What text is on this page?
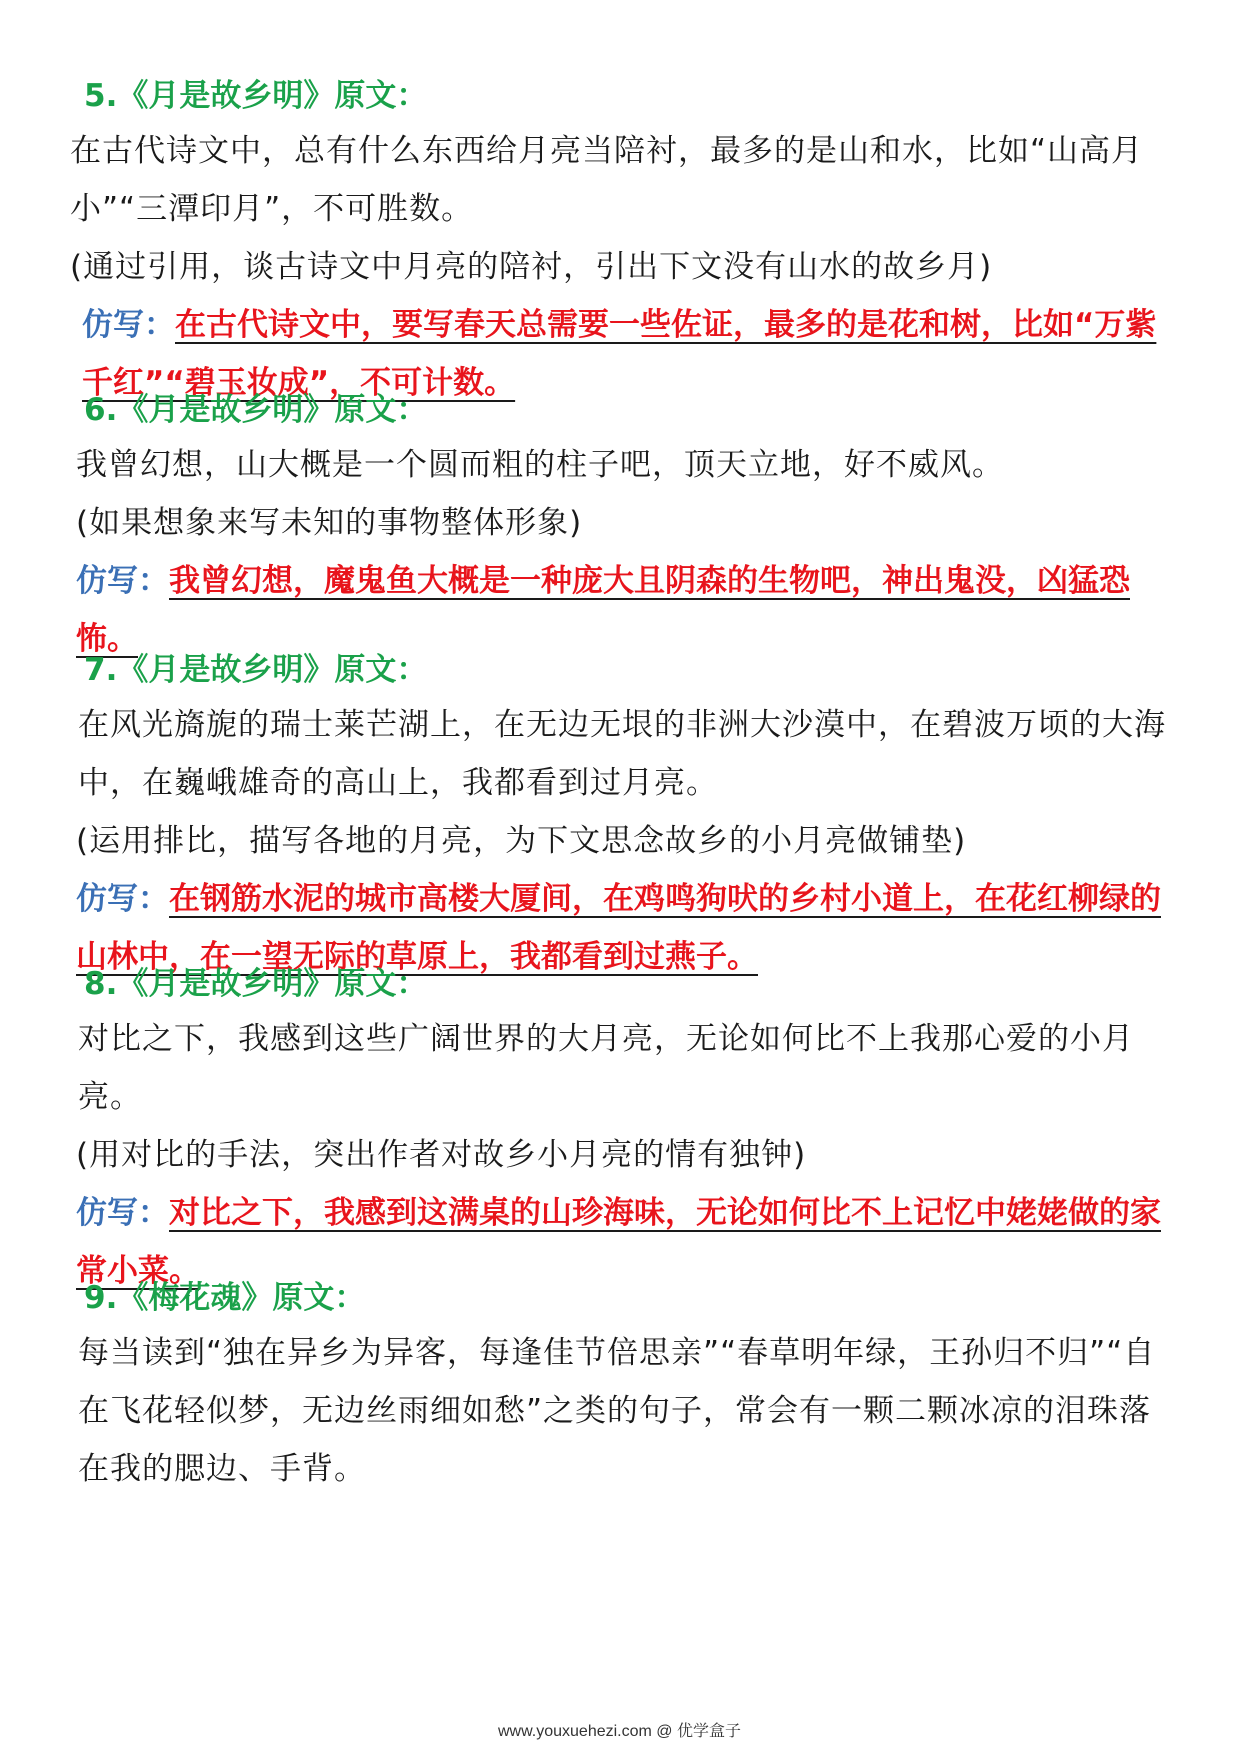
5.《月是故乡明》原文：
在古代诗文中，总有什么东西给月亮当陪衬，最多的是山和水，比如“山高月小”“三潭印月”，不可胜数。
(通过引用，谈古诗文中月亮的陪衬，引出下文没有山水的故乡月)
仿写：在古代诗文中，要写春天总需要一些佐证，最多的是花和树，比如“万紫千红”“碧玉妆成”，不可计数。
6.《月是故乡明》原文：
我曾幻想，山大概是一个圆而粗的柱子吧，顶天立地，好不威风。
(如果想象来写未知的事物整体形象)
仿写：我曾幻想，魔鬼鱼大概是一种庞大且阴森的生物吧，神出鬼没，凶猛恐怖。
7.《月是故乡明》原文：
在风光旖旎的瑞士莱芒湖上，在无边无垠的非洲大沙漠中，在碧波万顷的大海中，在巍峨雄奇的高山上，我都看到过月亮。
(运用排比，描写各地的月亮，为下文思念故乡的小月亮做铺垫)
仿写：在钢筋水泥的城市高楼大厦间，在鸡鸣狗吠的乡村小道上，在花红柳绿的山林中，在一望无际的草原上，我都看到过燕子。
8.《月是故乡明》原文：
对比之下，我感到这些广阔世界的大月亮，无论如何比不上我那心爱的小月亮。
(用对比的手法，突出作者对故乡小月亮的情有独钟)
仿写：对比之下，我感到这满桌的山珍海味，无论如何比不上记忆中姥姥做的家常小菜。
9.《梅花魂》原文：
每当读到“独在异乡为异客，每逢佳节倍思亲”“春草明年绿，王孙归不归”“自在飞花轻似梦，无边丝雨细如愁”之类的句子，常会有一颗二颗冰凉的泪珠落在我的腮边、手背。
www.youxuehezi.com @ 优学盒子
